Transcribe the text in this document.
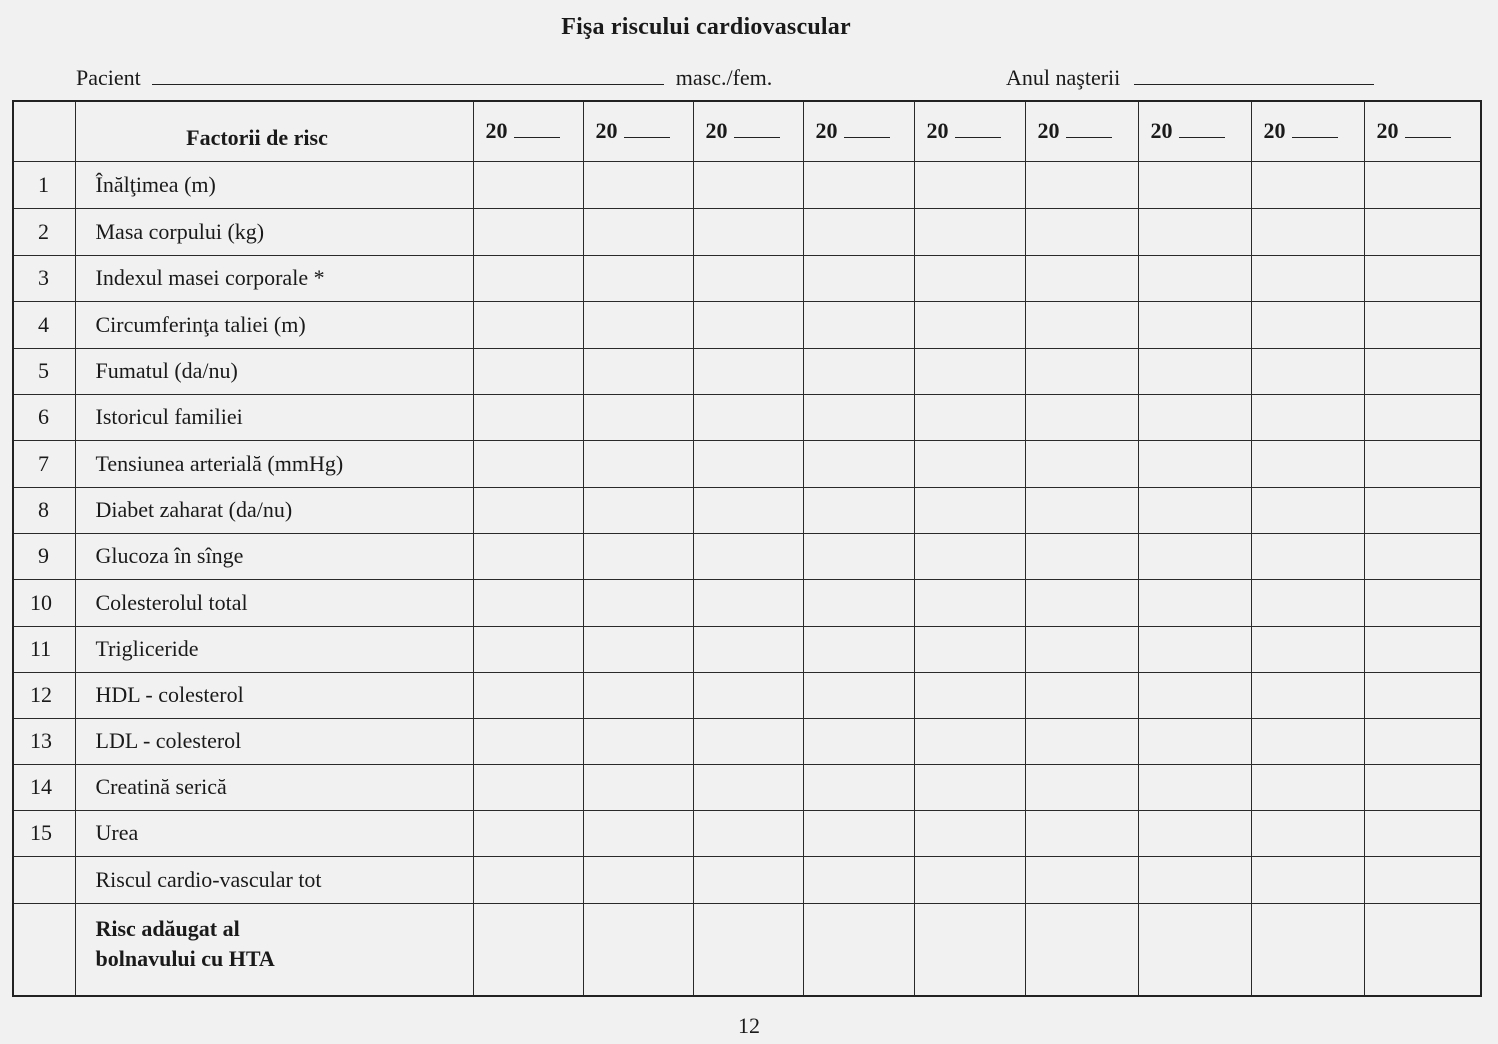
Fişa riscului cardiovascular
Pacient	masc./fem.	Anul naşterii
	Factorii de risc	20	20	20	20	20	20	20	20	20
1	Înălţimea (m)									
2	Masa corpului (kg)									
3	Indexul masei corporale *									
4	Circumferinţa taliei (m)									
5	Fumatul (da/nu)									
6	Istoricul familiei									
7	Tensiunea arterială (mmHg)									
8	Diabet zaharat (da/nu)									
9	Glucoza în sînge									
10	Colesterolul total									
11	Trigliceride									
12	HDL - colesterol									
13	LDL - colesterol									
14	Creatină serică									
15	Urea									
	Riscul cardio-vascular tot									

	Risc adăugat al
bolnavului cu HTA									

12
